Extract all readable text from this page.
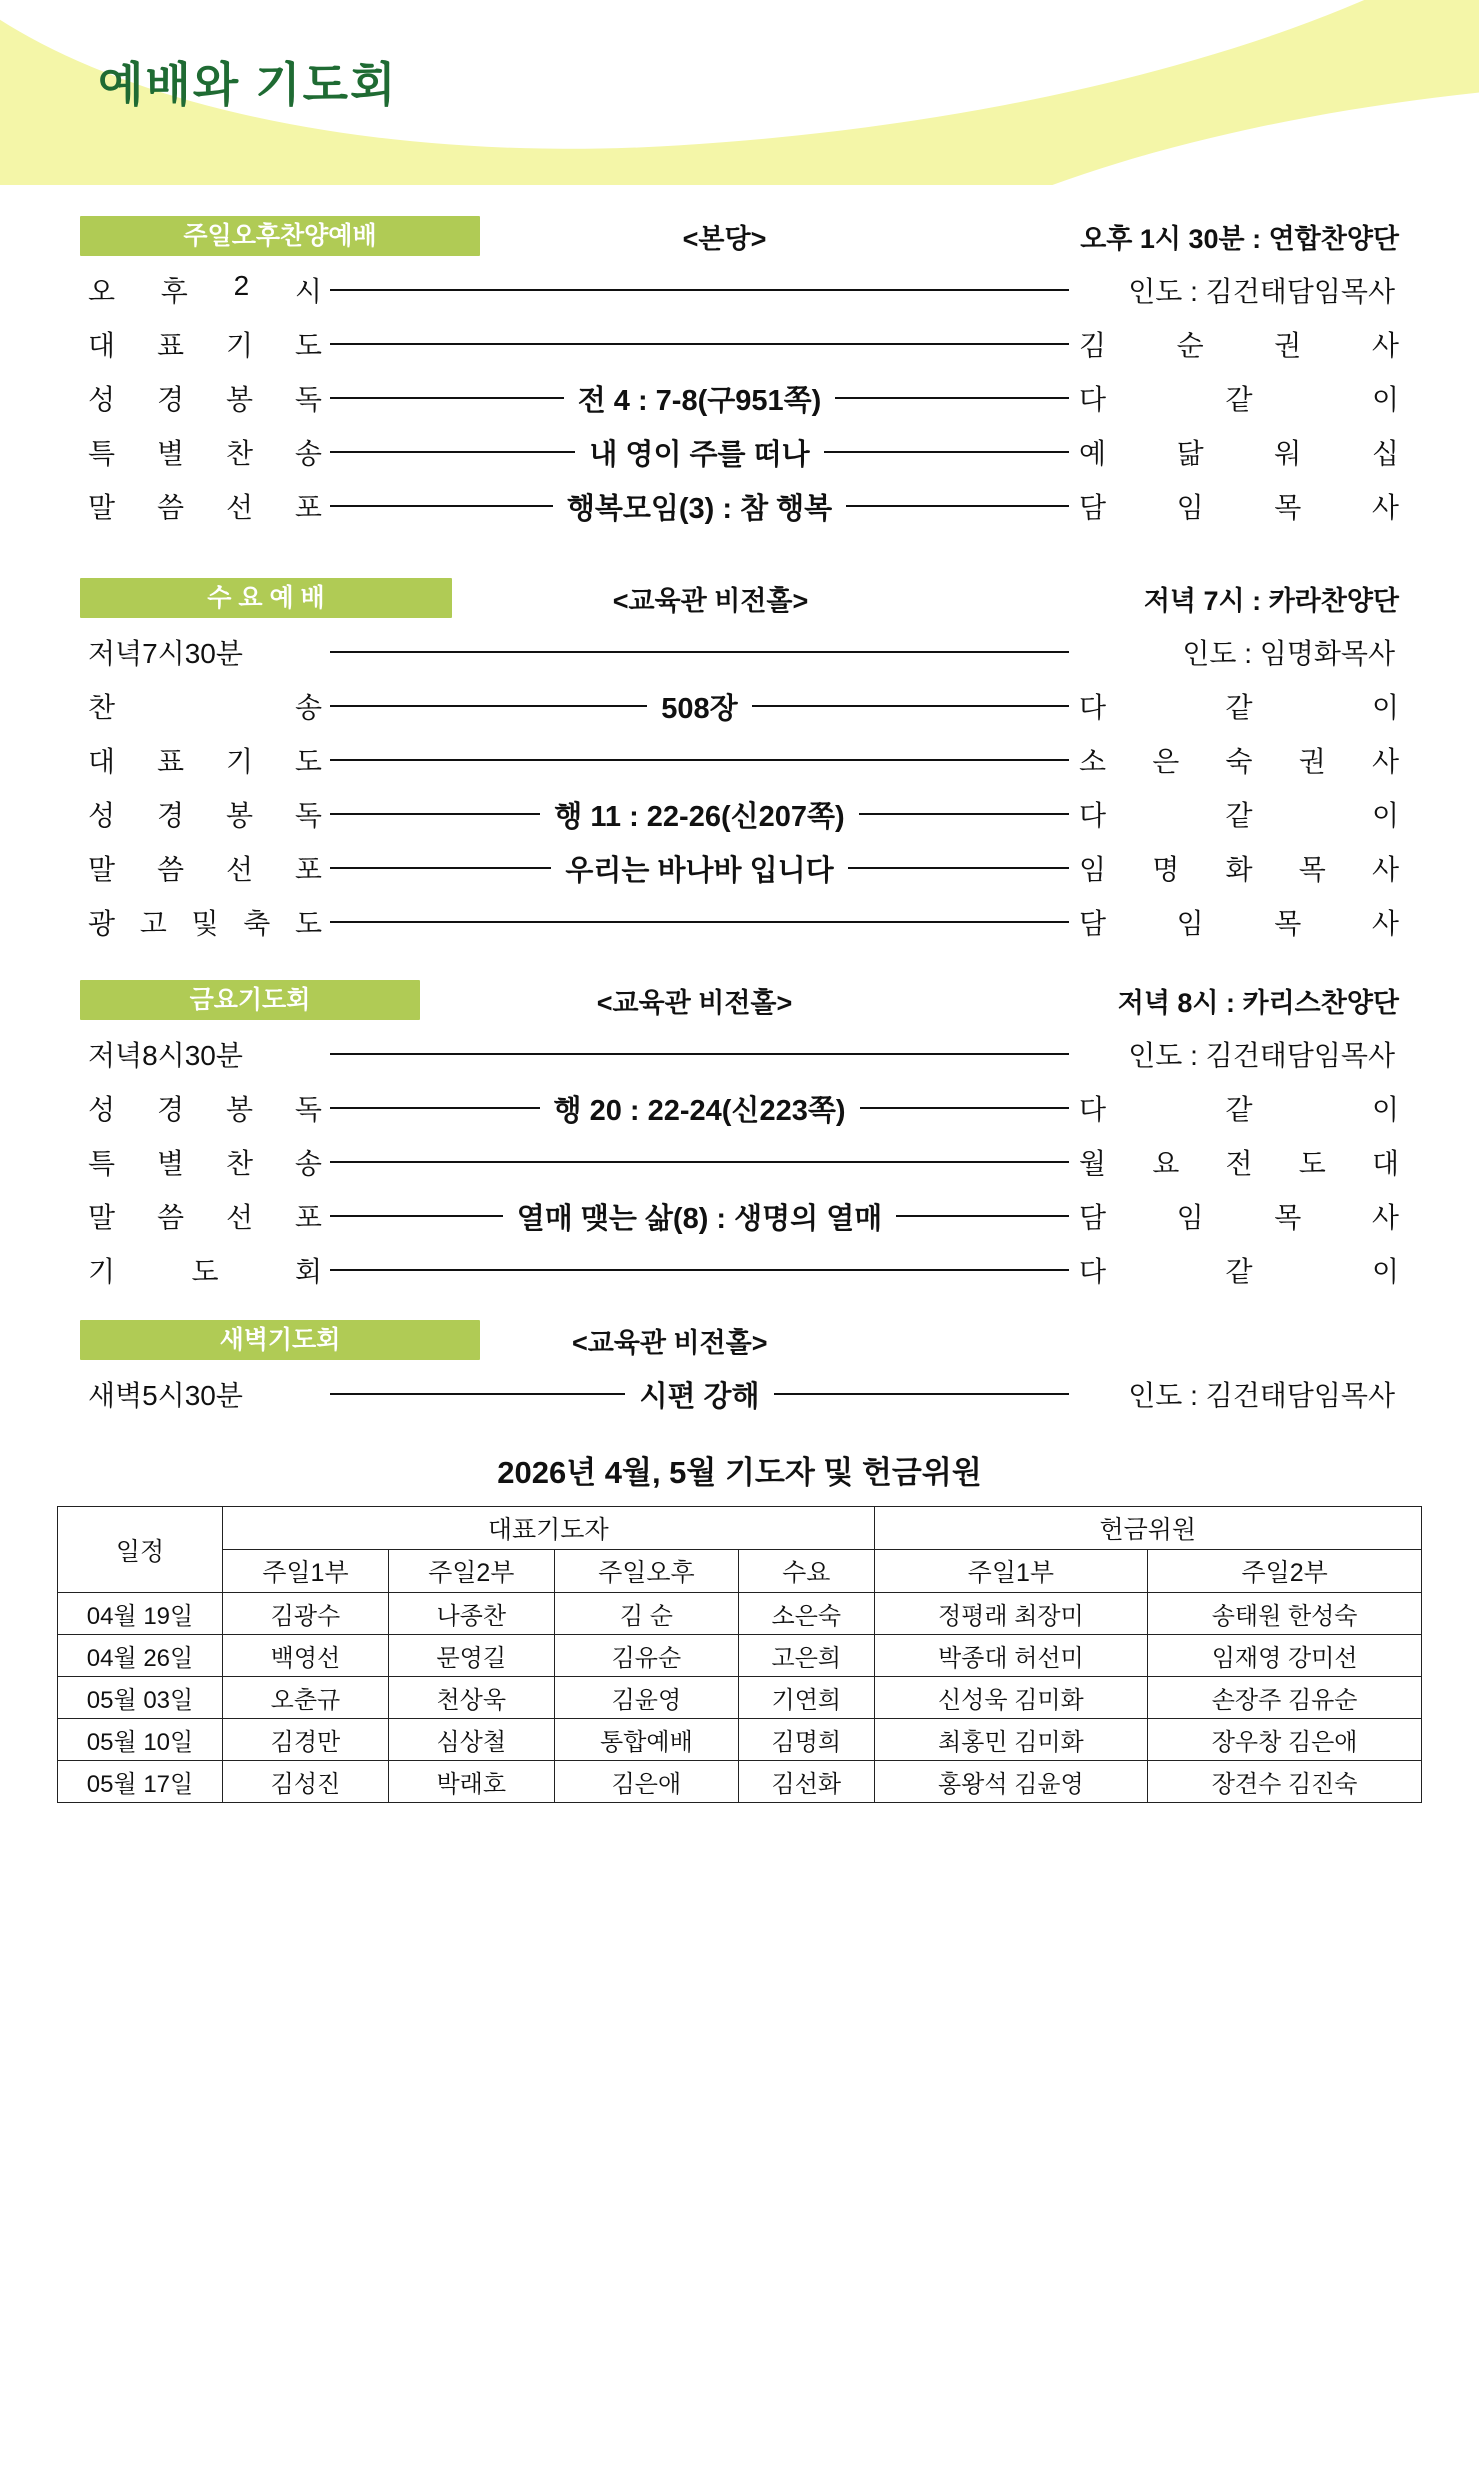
예배와 기도회
주일오후찬양예배	<본당>	오후 1시 30분 : 연합찬양단
오 후 2 시	인도 : 김건태담임목사
대 표 기 도	김	순	권	사
성 경 봉 독	전 4 : 7-8(구951쪽)	다	같	이
특 별 찬 송	내 영이 주를 떠나	예	닮	워	십
말 씀 선 포	행복모임(3) : 참 행복	담	임	목	사
수 요 예 배	<교육관 비전홀>	저녁 7시 : 카라찬양단
저녁7시30분	인도 : 임명화목사
찬	송	508장	다	같	이
대 표 기 도	소 은 숙 권 사
성 경 봉 독	행 11 : 22-26(신207쪽)	다	같	이
말 씀 선 포	우리는 바나바 입니다	임 명 화 목 사
광 고 및 축 도	담	임	목	사
금요기도회	<교육관 비전홀>	저녁 8시 : 카리스찬양단
저녁8시30분	인도 : 김건태담임목사
성 경 봉 독	행 20 : 22-24(신223쪽)	다	같	이
특 별 찬 송	월 요 전 도 대
말 씀 선 포	열매 맺는 삶(8) : 생명의 열매	담	임	목	사
기	도	회	다	같	이
새벽기도회	<교육관 비전홀>
새벽5시30분	시편 강해	인도 : 김건태담임목사
2026년 4월, 5월 기도자 및 헌금위원
일정	대표기도자				헌금위원	
	주일1부	주일2부	주일오후	수요	주일1부	주일2부
04월 19일	김광수	나종찬	김 순	소은숙	정평래 최장미	송태원 한성숙
04월 26일	백영선	문영길	김유순	고은희	박종대 허선미	임재영 강미선
05월 03일	오춘규	천상욱	김윤영	기연희	신성욱 김미화	손장주 김유순
05월 10일	김경만	심상철	통합예배	김명희	최홍민 김미화	장우창 김은애
05월 17일	김성진	박래호	김은애	김선화	홍왕석 김윤영	장견수 김진숙
